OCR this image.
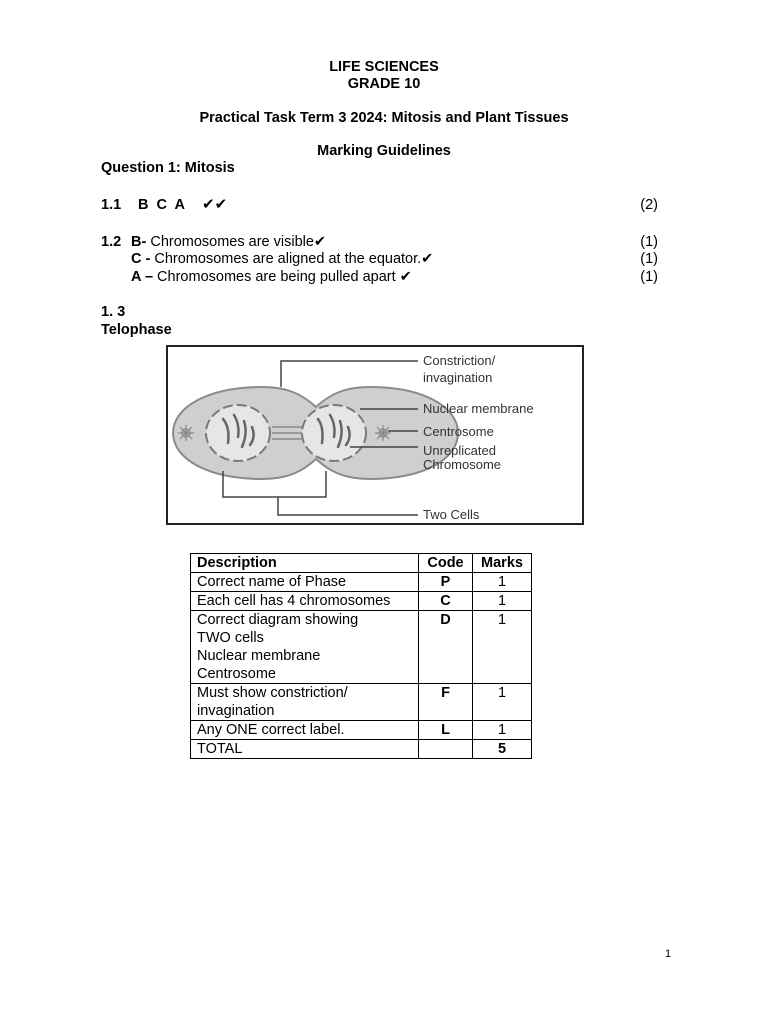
LIFE SCIENCES
GRADE 10
Practical Task Term 3 2024: Mitosis and Plant Tissues
Marking Guidelines
Question 1: Mitosis
1.1 B  C  A ✔✔	(2)
1.2 B- Chromosomes are visible✔	(1)
C - Chromosomes are aligned at the equator.✔	(1)
A – Chromosomes are being pulled apart ✔	(1)
1. 3
Telophase
Constriction/
invagination
Nuclear membrane
Centrosome
Unreplicated
Chromosome
Two Cells
Description	Code	Marks
Correct name of Phase	P	1
Each cell has 4 chromosomes	C	1

Correct diagram showing
TWO cells
Nuclear membrane
Centrosome	D	1

Must show constriction/
invagination	F	1
Any ONE correct label.	L	1
TOTAL		5
1
